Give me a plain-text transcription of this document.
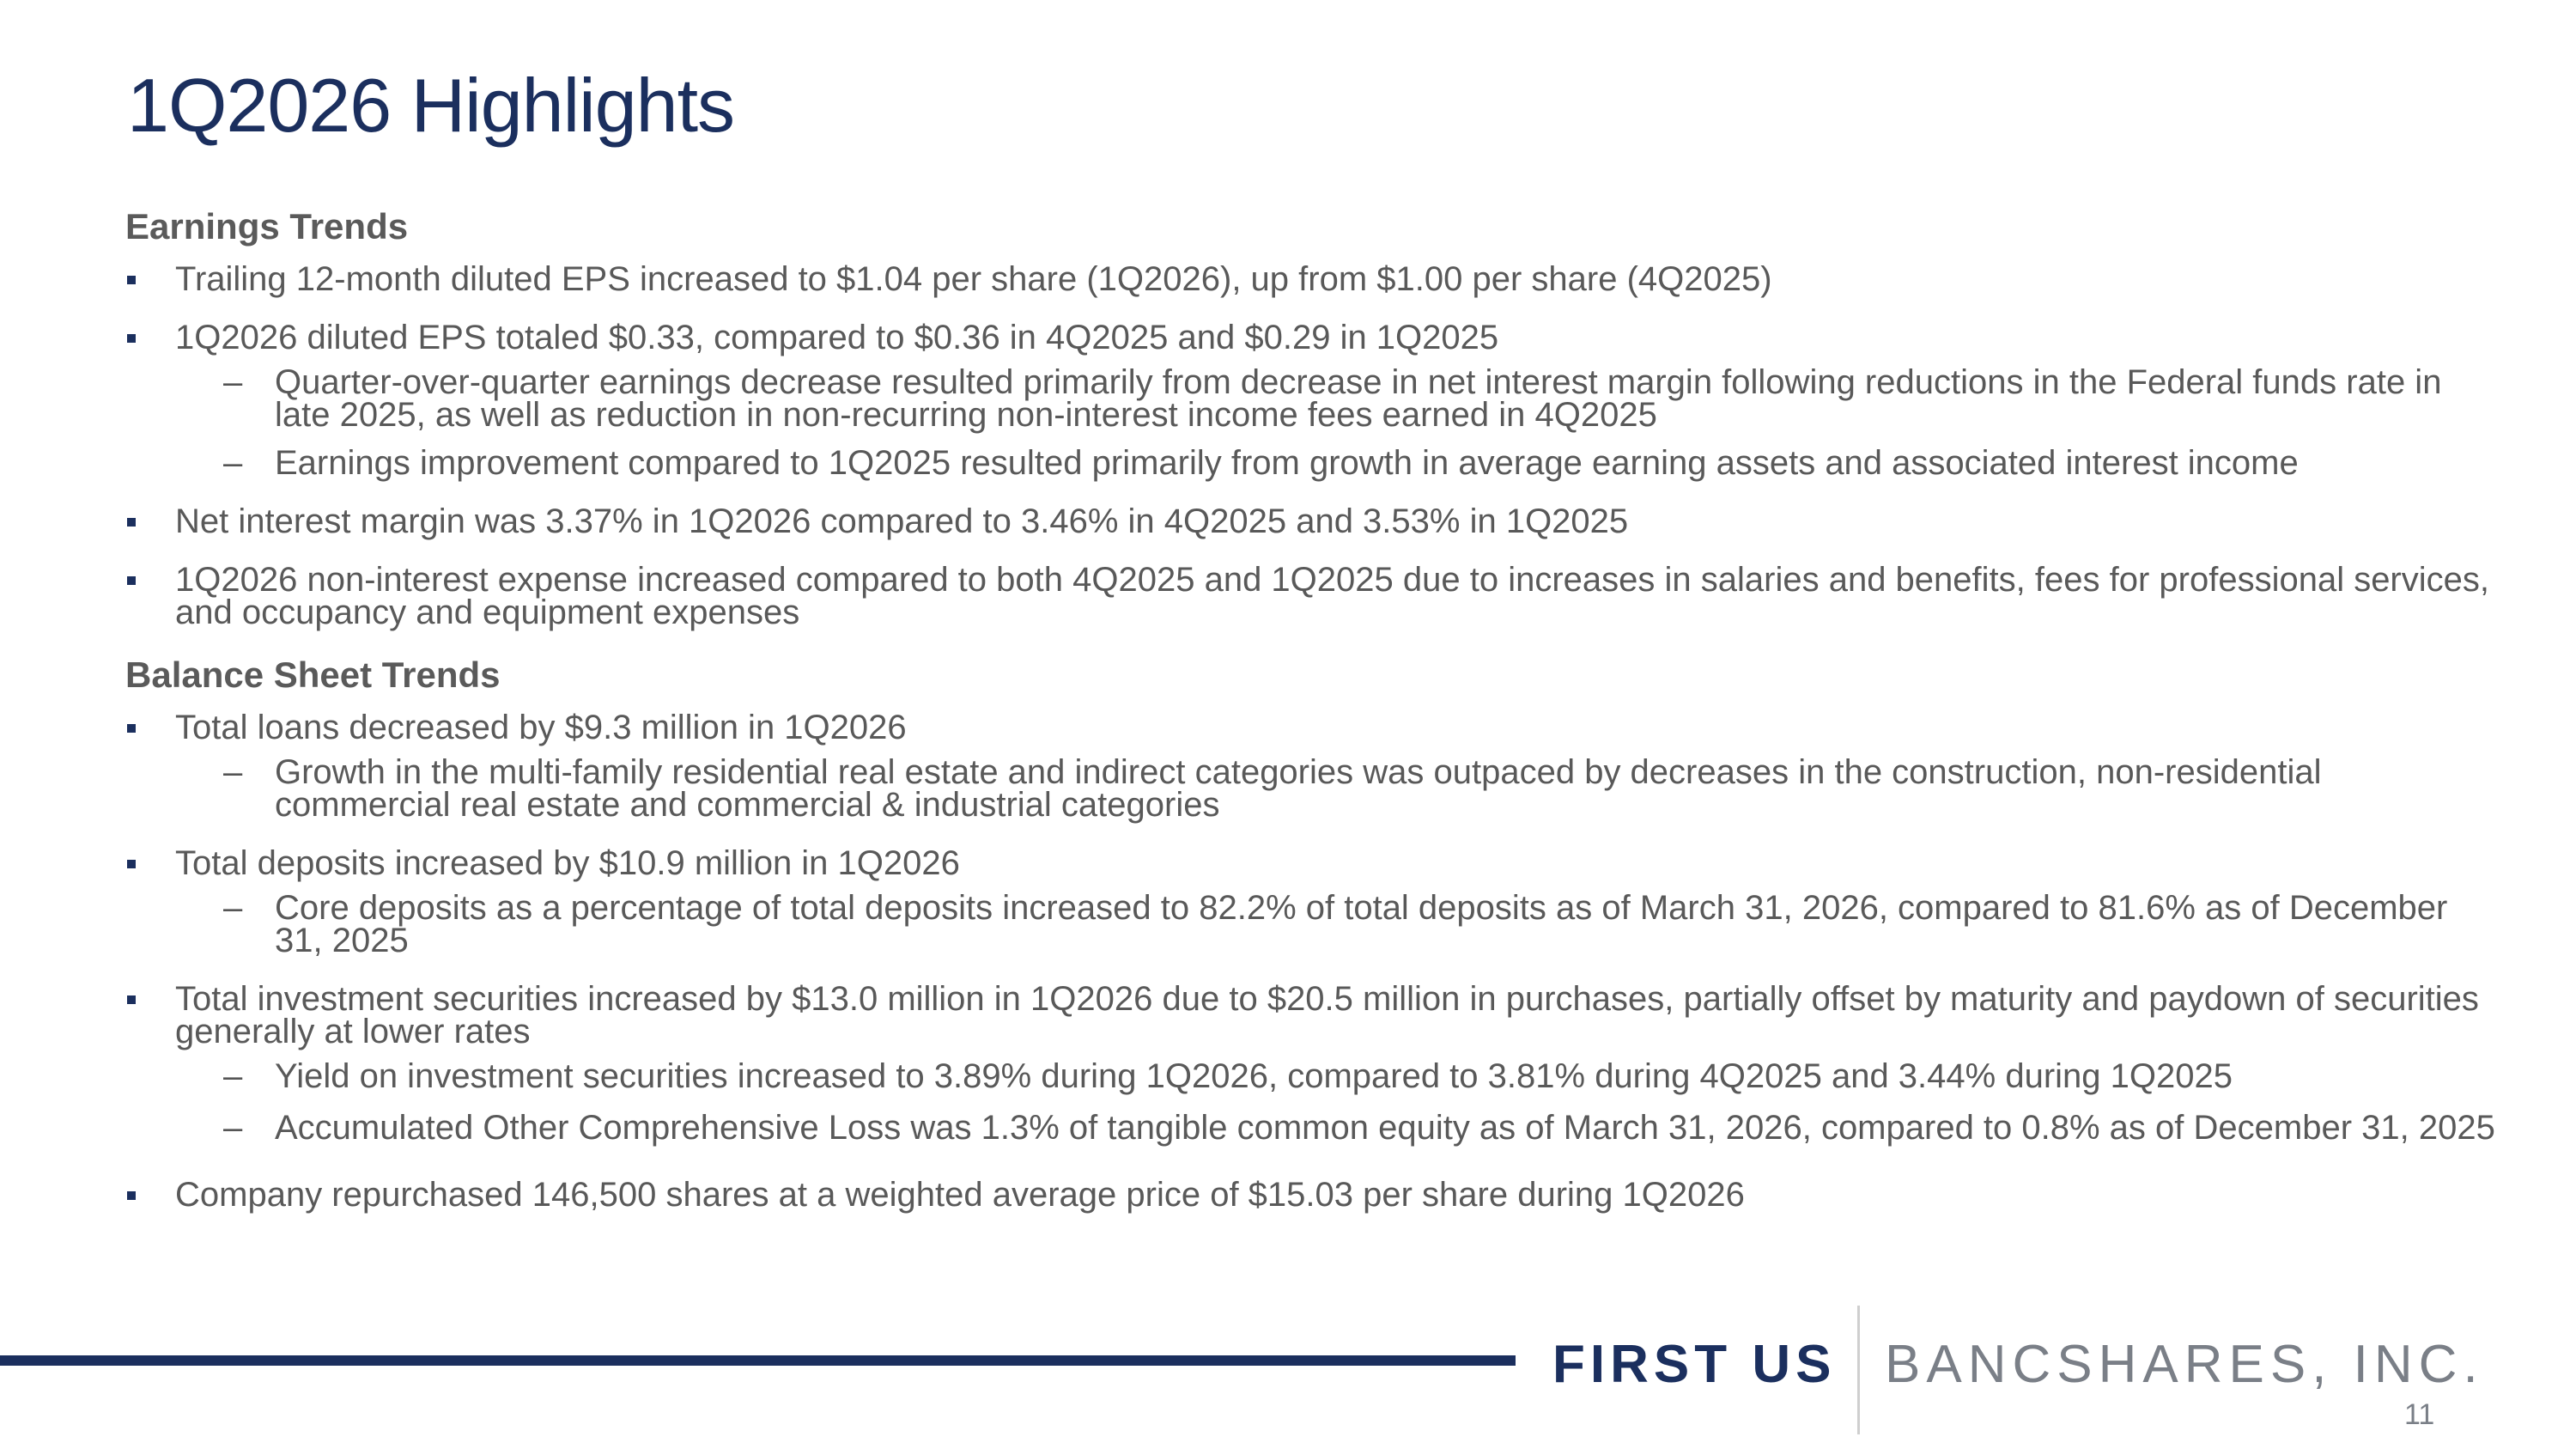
1Q2026 Highlights
Earnings Trends
Trailing 12-month diluted EPS increased to $1.04 per share (1Q2026), up from $1.00 per share (4Q2025)
1Q2026 diluted EPS totaled $0.33, compared to $0.36 in 4Q2025 and $0.29 in 1Q2025
– Quarter-over-quarter earnings decrease resulted primarily from decrease in net interest margin following reductions in the Federal funds rate in late 2025, as well as reduction in non-recurring non-interest income fees earned in 4Q2025
– Earnings improvement compared to 1Q2025 resulted primarily from growth in average earning assets and associated interest income
Net interest margin was 3.37% in 1Q2026 compared to 3.46% in 4Q2025 and 3.53% in 1Q2025
1Q2026 non-interest expense increased compared to both 4Q2025 and 1Q2025 due to increases in salaries and benefits, fees for professional services, and occupancy and equipment expenses
Balance Sheet Trends
Total loans decreased by $9.3 million in 1Q2026
– Growth in the multi-family residential real estate and indirect categories was outpaced by decreases in the construction, non-residential commercial real estate and commercial & industrial categories
Total deposits increased by $10.9 million in 1Q2026
– Core deposits as a percentage of total deposits increased to 82.2% of total deposits as of March 31, 2026, compared to 81.6% as of December 31, 2025
Total investment securities increased by $13.0 million in 1Q2026 due to $20.5 million in purchases, partially offset by maturity and paydown of securities generally at lower rates
– Yield on investment securities increased to 3.89% during 1Q2026, compared to 3.81% during 4Q2025 and 3.44% during 1Q2025
– Accumulated Other Comprehensive Loss was 1.3% of tangible common equity as of March 31, 2026, compared to 0.8% as of December 31, 2025
Company repurchased 146,500 shares at a weighted average price of $15.03 per share during 1Q2026
FIRST US BANCSHARES, INC.
11
